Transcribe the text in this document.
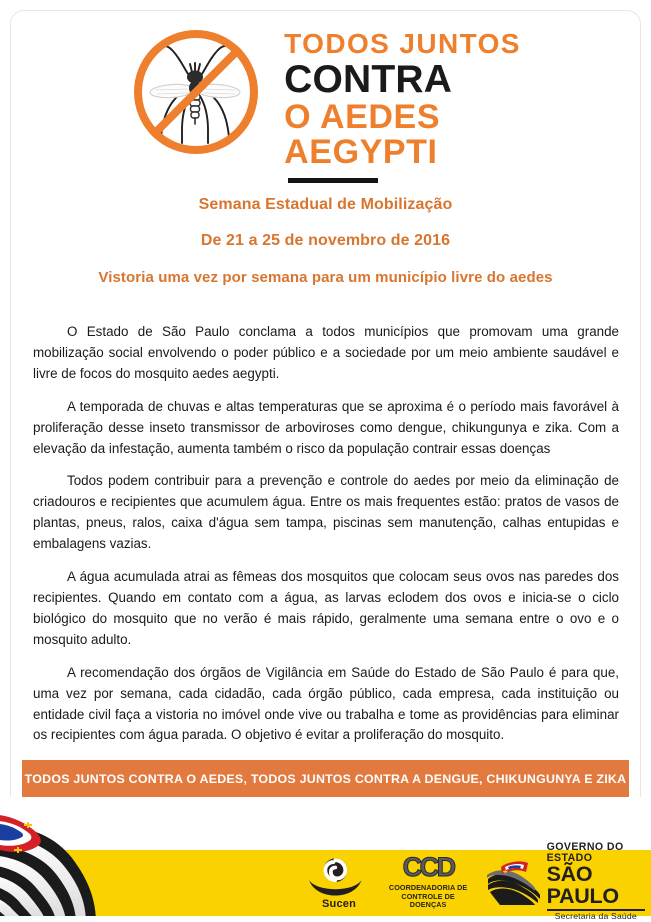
TODOS JUNTOS
CONTRA
O AEDES
AEGYPTI
Semana Estadual de Mobilização
De 21 a 25 de novembro de 2016
Vistoria uma vez por semana para um município livre do aedes

O Estado de São Paulo conclama a todos municípios que promovam uma grande mobilização social envolvendo o poder público e a sociedade por um meio ambiente saudável e livre de focos do mosquito aedes aegypti.

A temporada de chuvas e altas temperaturas que se aproxima é o período mais favorável à proliferação desse inseto transmissor de arboviroses como dengue, chikungunya e zika. Com a elevação da infestação, aumenta também o risco da população contrair essas doenças

Todos podem contribuir para a prevenção e controle do aedes por meio da eliminação de criadouros e recipientes que acumulem água. Entre os mais frequentes estão: pratos de vasos de plantas, pneus, ralos, caixa d'água sem tampa, piscinas sem manutenção, calhas entupidas e embalagens vazias.

A água acumulada atrai as fêmeas dos mosquitos que colocam seus ovos nas paredes dos recipientes. Quando em contato com a água, as larvas eclodem dos ovos e inicia-se o ciclo biológico do mosquito que no verão é mais rápido, geralmente uma semana entre o ovo e o mosquito adulto.

A recomendação dos órgãos de Vigilância em Saúde do Estado de São Paulo é para que, uma vez por semana, cada cidadão, cada órgão público, cada empresa, cada instituição ou entidade civil faça a vistoria no imóvel onde vive ou trabalha e tome as providências para eliminar os recipientes com água parada. O objetivo é evitar a proliferação do mosquito.

TODOS JUNTOS CONTRA O AEDES, TODOS JUNTOS CONTRA A DENGUE, CHIKUNGUNYA E ZIKA
Sucen
CCD
COORDENADORIA DE
CONTROLE DE DOENÇAS
GOVERNO DO ESTADO
SÃO PAULO
Secretaria da Saúde
